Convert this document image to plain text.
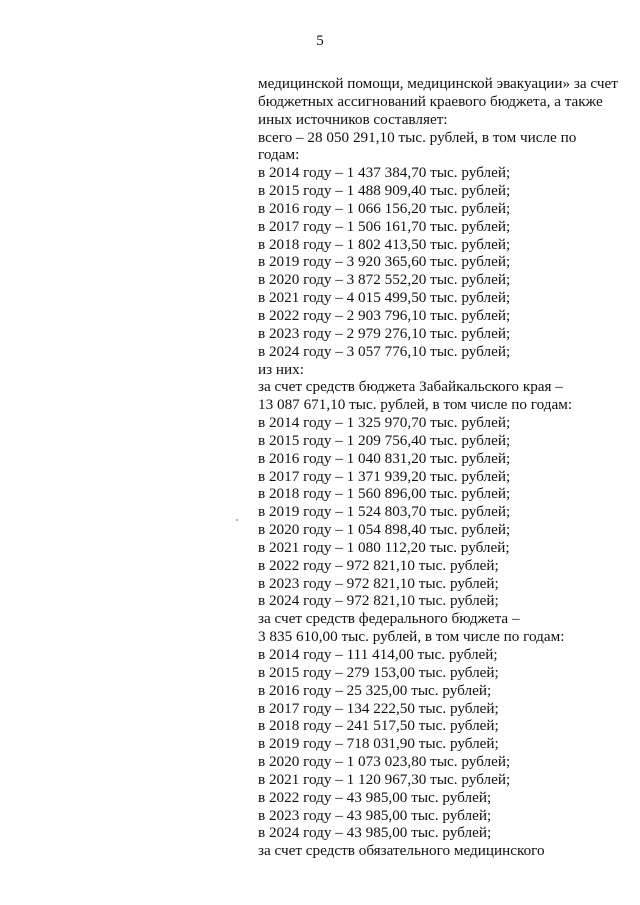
5
медицинской помощи, медицинской эвакуации» за счет
бюджетных ассигнований краевого бюджета, а также
иных источников составляет:
всего – 28 050 291,10 тыс. рублей, в том числе по
годам:
в 2014 году – 1 437 384,70 тыс. рублей;
в 2015 году – 1 488 909,40 тыс. рублей;
в 2016 году – 1 066 156,20 тыс. рублей;
в 2017 году – 1 506 161,70 тыс. рублей;
в 2018 году – 1 802 413,50 тыс. рублей;
в 2019 году – 3 920 365,60 тыс. рублей;
в 2020 году – 3 872 552,20 тыс. рублей;
в 2021 году – 4 015 499,50 тыс. рублей;
в 2022 году – 2 903 796,10 тыс. рублей;
в 2023 году – 2 979 276,10 тыс. рублей;
в 2024 году – 3 057 776,10 тыс. рублей;
из них:
за счет средств бюджета Забайкальского края –
13 087 671,10 тыс. рублей, в том числе по годам:
в 2014 году – 1 325 970,70 тыс. рублей;
в 2015 году – 1 209 756,40 тыс. рублей;
в 2016 году – 1 040 831,20 тыс. рублей;
в 2017 году – 1 371 939,20 тыс. рублей;
в 2018 году – 1 560 896,00 тыс. рублей;
в 2019 году – 1 524 803,70 тыс. рублей;
в 2020 году – 1 054 898,40 тыс. рублей;
в 2021 году – 1 080 112,20 тыс. рублей;
в 2022 году – 972 821,10 тыс. рублей;
в 2023 году – 972 821,10 тыс. рублей;
в 2024 году – 972 821,10 тыс. рублей;
за счет средств федерального бюджета –
3 835 610,00 тыс. рублей, в том числе по годам:
в 2014 году – 111 414,00 тыс. рублей;
в 2015 году – 279 153,00 тыс. рублей;
в 2016 году – 25 325,00 тыс. рублей;
в 2017 году – 134 222,50 тыс. рублей;
в 2018 году – 241 517,50 тыс. рублей;
в 2019 году – 718 031,90 тыс. рублей;
в 2020 году – 1 073 023,80 тыс. рублей;
в 2021 году – 1 120 967,30 тыс. рублей;
в 2022 году – 43 985,00 тыс. рублей;
в 2023 году – 43 985,00 тыс. рублей;
в 2024 году – 43 985,00 тыс. рублей;
за счет средств обязательного медицинского
